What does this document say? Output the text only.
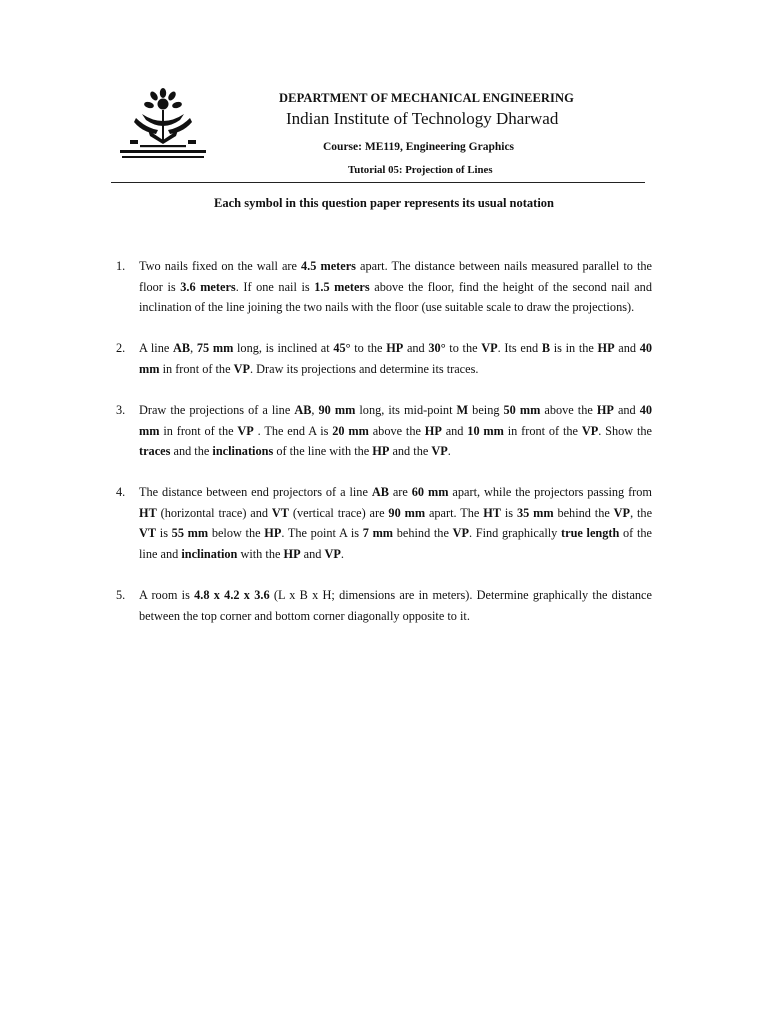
DEPARTMENT OF MECHANICAL ENGINEERING
Indian Institute of Technology Dharwad
Course: ME119, Engineering Graphics
Tutorial 05: Projection of Lines
Each symbol in this question paper represents its usual notation
1.	Two nails fixed on the wall are 4.5 meters apart. The distance between nails measured parallel to the floor is 3.6 meters. If one nail is 1.5 meters above the floor, find the height of the second nail and inclination of the line joining the two nails with the floor (use suitable scale to draw the projections).
2.	A line AB, 75 mm long, is inclined at 45° to the HP and 30° to the VP. Its end B is in the HP and 40 mm in front of the VP. Draw its projections and determine its traces.
3.	Draw the projections of a line AB, 90 mm long, its mid-point M being 50 mm above the HP and 40 mm in front of the VP . The end A is 20 mm above the HP and 10 mm in front of the VP. Show the traces and the inclinations of the line with the HP and the VP.
4.	The distance between end projectors of a line AB are 60 mm apart, while the projectors passing from HT (horizontal trace) and VT (vertical trace) are 90 mm apart. The HT is 35 mm behind the VP, the VT is 55 mm below the HP. The point A is 7 mm behind the VP. Find graphically true length of the line and inclination with the HP and VP.
5.	A room is 4.8 x 4.2 x 3.6 (L x B x H; dimensions are in meters). Determine graphically the distance between the top corner and bottom corner diagonally opposite to it.
